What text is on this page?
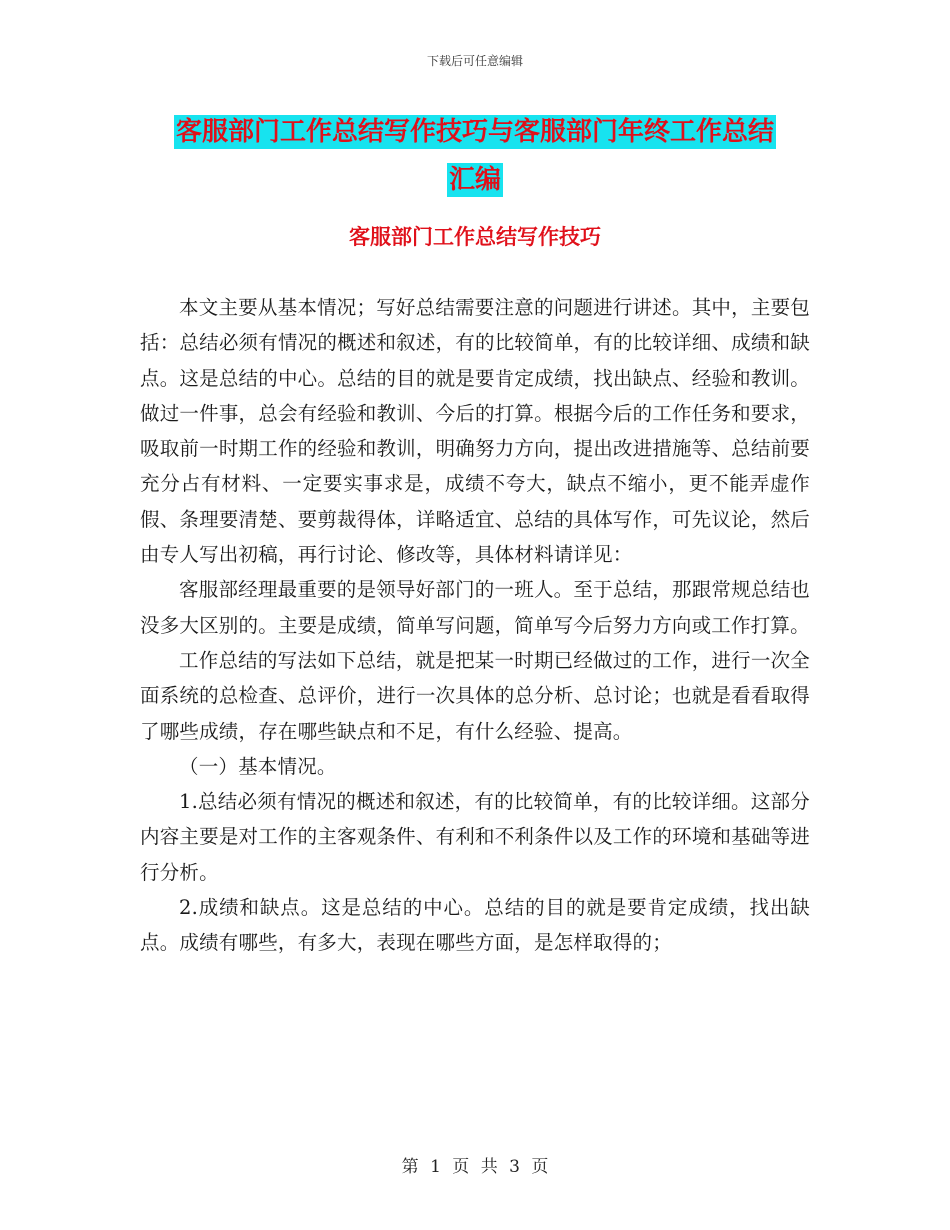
下载后可任意编辑
客服部门工作总结写作技巧与客服部门年终工作总结
汇编
客服部门工作总结写作技巧

本文主要从基本情况；写好总结需要注意的问题进行讲述。其中，主要包括：总结必须有情况的概述和叙述，有的比较简单，有的比较详细、成绩和缺点。这是总结的中心。总结的目的就是要肯定成绩，找出缺点、经验和教训。做过一件事，总会有经验和教训、今后的打算。根据今后的工作任务和要求，吸取前一时期工作的经验和教训，明确努力方向，提出改进措施等、总结前要充分占有材料、一定要实事求是，成绩不夸大，缺点不缩小，更不能弄虚作假、条理要清楚、要剪裁得体，详略适宜、总结的具体写作，可先议论，然后由专人写出初稿，再行讨论、修改等，具体材料请详见：

客服部经理最重要的是领导好部门的一班人。至于总结，那跟常规总结也没多大区别的。主要是成绩，简单写问题，简单写今后努力方向或工作打算。

工作总结的写法如下总结，就是把某一时期已经做过的工作，进行一次全面系统的总检查、总评价，进行一次具体的总分析、总讨论；也就是看看取得了哪些成绩，存在哪些缺点和不足，有什么经验、提高。

（一）基本情况。

1.总结必须有情况的概述和叙述，有的比较简单，有的比较详细。这部分内容主要是对工作的主客观条件、有利和不利条件以及工作的环境和基础等进行分析。

2.成绩和缺点。这是总结的中心。总结的目的就是要肯定成绩，找出缺点。成绩有哪些，有多大，表现在哪些方面，是怎样取得的；

第 1 页 共 3 页
